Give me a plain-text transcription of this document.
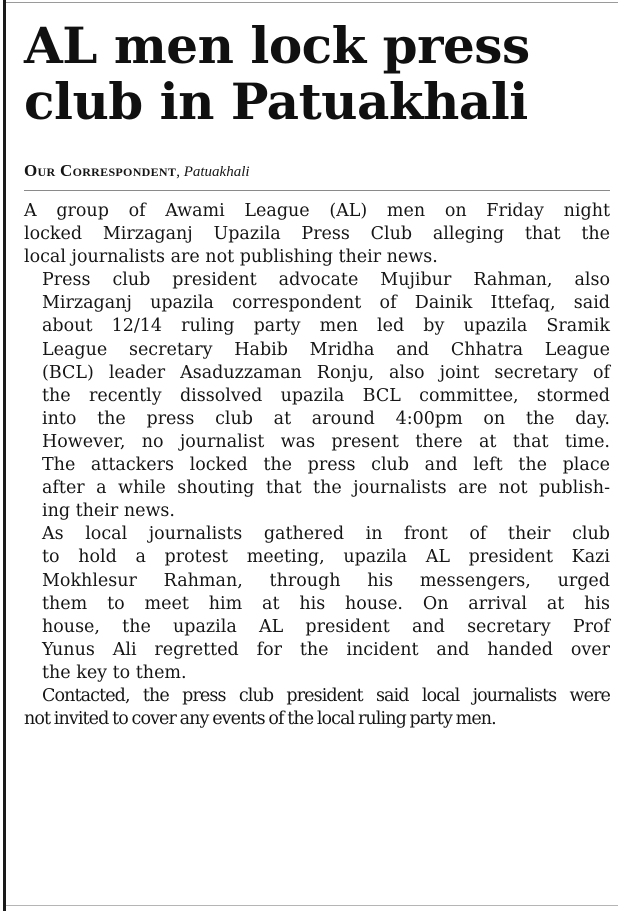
AL men lock press
club in Patuakhali
Our Correspondent, Patuakhali

A group of Awami League (AL) men on Friday night
locked Mirzaganj Upazila Press Club alleging that the
local journalists are not publishing their news.

Press club president advocate Mujibur Rahman, also
Mirzaganj upazila correspondent of Dainik Ittefaq, said
about 12/14 ruling party men led by upazila Sramik
League secretary Habib Mridha and Chhatra League
(BCL) leader Asaduzzaman Ronju, also joint secretary of
the recently dissolved upazila BCL committee, stormed
into the press club at around 4:00pm on the day.
However, no journalist was present there at that time.

The attackers locked the press club and left the place
after a while shouting that the journalists are not publish-
ing their news.

As local journalists gathered in front of their club
to hold a protest meeting, upazila AL president Kazi
Mokhlesur Rahman, through his messengers, urged
them to meet him at his house. On arrival at his
house, the upazila AL president and secretary Prof
Yunus Ali regretted for the incident and handed over
the key to them.

Contacted, the press club president said local journalists were
not invited to cover any events of the local ruling party men.
